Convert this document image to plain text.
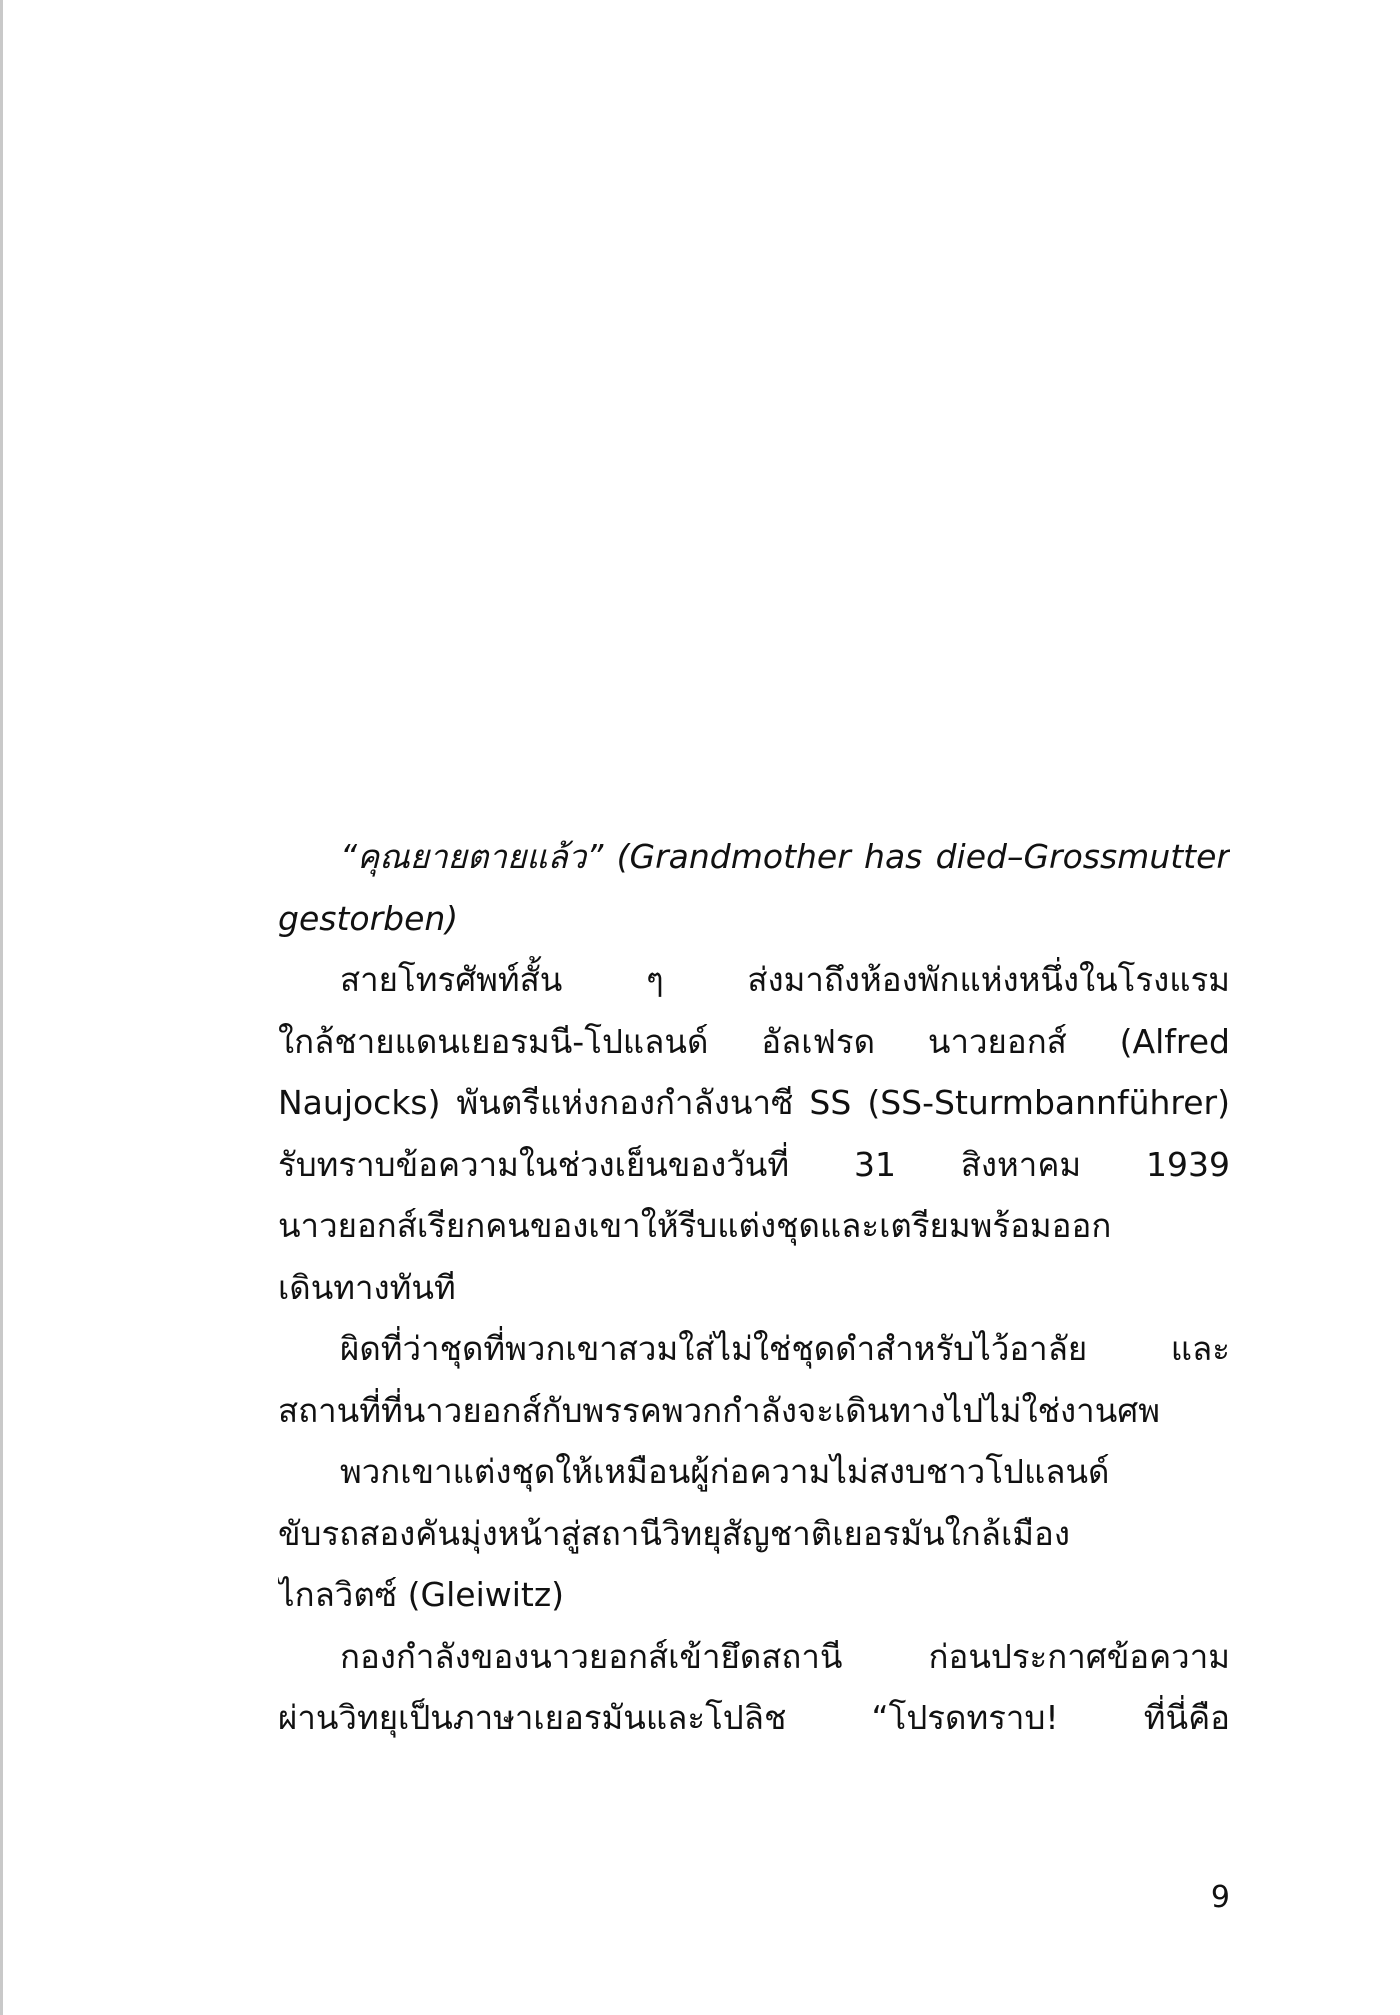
“คุณยายตายแล้ว” (Grandmother has died–Grossmutter
gestorben)
สายโทรศัพท์สั้น ๆ ส่งมาถึงห้องพักแห่งหนึ่งในโรงแรม
ใกล้ชายแดนเยอรมนี-โปแลนด์ อัลเฟรด นาวยอกส์ (Alfred
Naujocks) พันตรีแห่งกองกำลังนาซี SS (SS-Sturmbannführer)
รับทราบข้อความในช่วงเย็นของวันที่ 31 สิงหาคม 1939
นาวยอกส์เรียกคนของเขาให้รีบแต่งชุดและเตรียมพร้อมออก
เดินทางทันที
ผิดที่ว่าชุดที่พวกเขาสวมใส่ไม่ใช่ชุดดำสำหรับไว้อาลัย และ
สถานที่ที่นาวยอกส์กับพรรคพวกกำลังจะเดินทางไปไม่ใช่งานศพ
พวกเขาแต่งชุดให้เหมือนผู้ก่อความไม่สงบชาวโปแลนด์
ขับรถสองคันมุ่งหน้าสู่สถานีวิทยุสัญชาติเยอรมันใกล้เมือง
ไกลวิตซ์ (Gleiwitz)
กองกำลังของนาวยอกส์เข้ายึดสถานี ก่อนประกาศข้อความ
ผ่านวิทยุเป็นภาษาเยอรมันและโปลิช “โปรดทราบ! ที่นี่คือ
9
